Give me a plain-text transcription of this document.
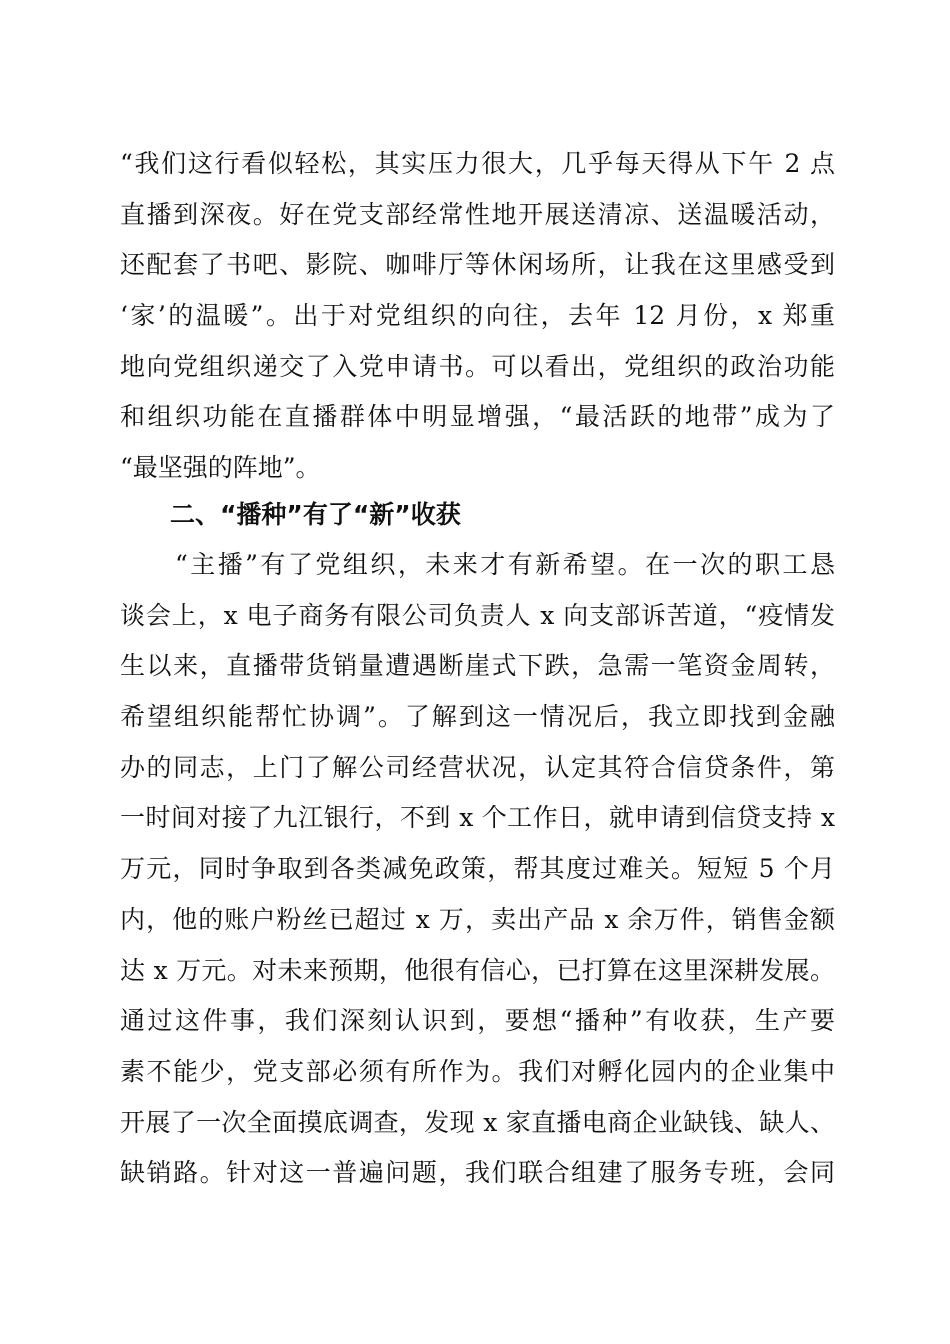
“我们这行看似轻松，其实压力很大，几乎每天得从下午 2 点
直播到深夜。好在党支部经常性地开展送清凉、送温暖活动，
还配套了书吧、影院、咖啡厅等休闲场所，让我在这里感受到
‘家’的温暖”。出于对党组织的向往，去年 12 月份，x 郑重
地向党组织递交了入党申请书。可以看出，党组织的政治功能
和组织功能在直播群体中明显增强，“最活跃的地带”成为了
“最坚强的阵地”。
二、“播种”有了“新”收获
　　“主播”有了党组织，未来才有新希望。在一次的职工恳
谈会上，x 电子商务有限公司负责人 x 向支部诉苦道，“疫情发
生以来，直播带货销量遭遇断崖式下跌，急需一笔资金周转，
希望组织能帮忙协调”。了解到这一情况后，我立即找到金融
办的同志，上门了解公司经营状况，认定其符合信贷条件，第
一时间对接了九江银行，不到 x 个工作日，就申请到信贷支持 x
万元，同时争取到各类减免政策，帮其度过难关。短短 5 个月
内，他的账户粉丝已超过 x 万，卖出产品 x 余万件，销售金额
达 x 万元。对未来预期，他很有信心，已打算在这里深耕发展。
通过这件事，我们深刻认识到，要想“播种”有收获，生产要
素不能少，党支部必须有所作为。我们对孵化园内的企业集中
开展了一次全面摸底调查，发现 x 家直播电商企业缺钱、缺人、
缺销路。针对这一普遍问题，我们联合组建了服务专班，会同
